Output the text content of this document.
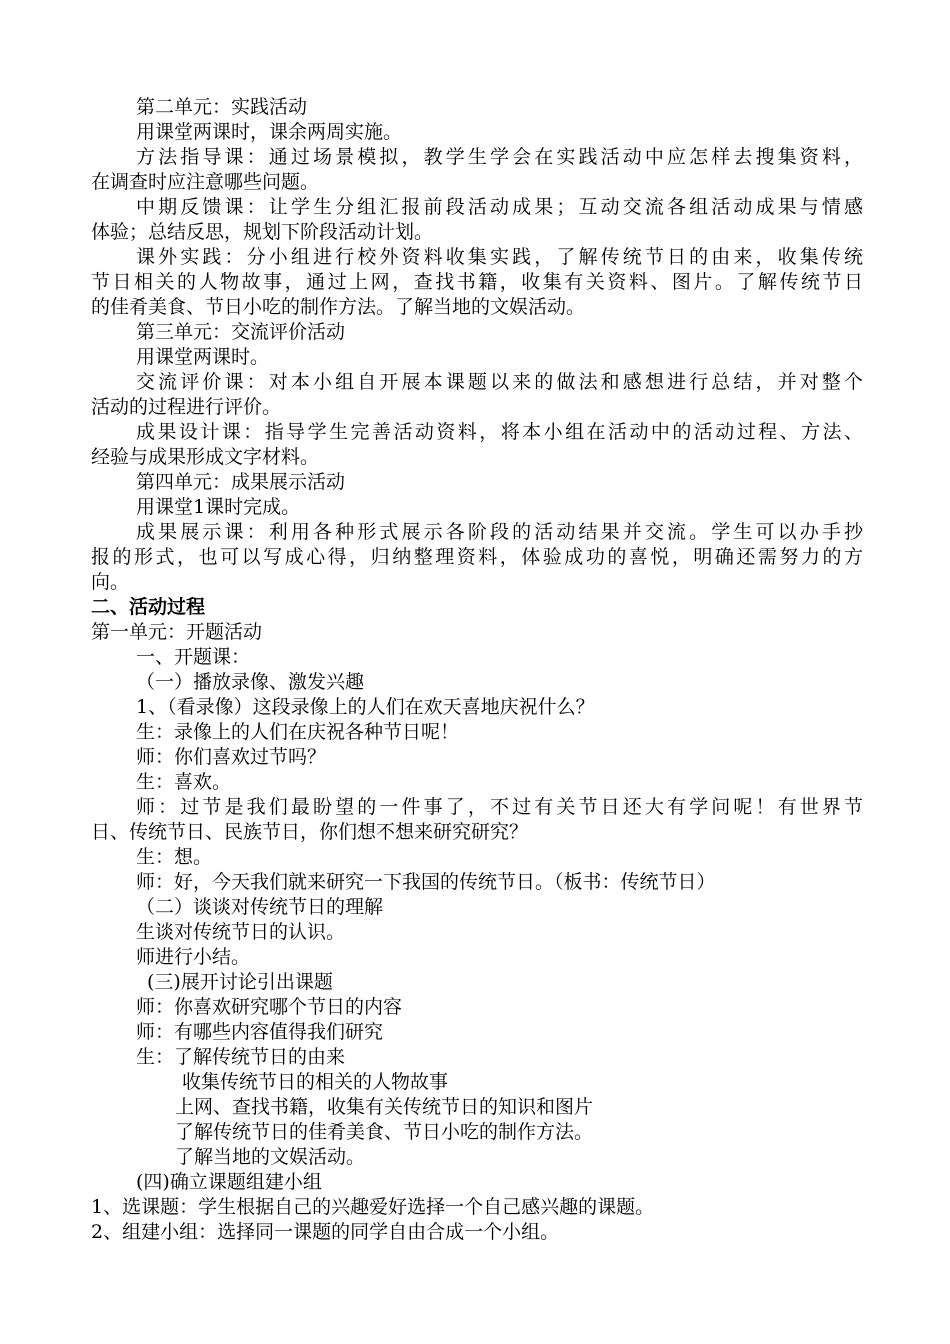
第二单元：实践活动
用课堂两课时，课余两周实施。
方法指导课：通过场景模拟，教学生学会在实践活动中应怎样去搜集资料，
在调查时应注意哪些问题。
中期反馈课：让学生分组汇报前段活动成果；互动交流各组活动成果与情感
体验；总结反思，规划下阶段活动计划。
课外实践：分小组进行校外资料收集实践，了解传统节日的由来，收集传统
节日相关的人物故事，通过上网，查找书籍，收集有关资料、图片。了解传统节日
的佳肴美食、节日小吃的制作方法。了解当地的文娱活动。
第三单元：交流评价活动
用课堂两课时。
交流评价课：对本小组自开展本课题以来的做法和感想进行总结，并对整个
活动的过程进行评价。
成果设计课：指导学生完善活动资料，将本小组在活动中的活动过程、方法、
经验与成果形成文字材料。
第四单元：成果展示活动
用课堂1课时完成。
成果展示课：利用各种形式展示各阶段的活动结果并交流。学生可以办手抄
报的形式，也可以写成心得，归纳整理资料，体验成功的喜悦，明确还需努力的方
向。
二、活动过程
第一单元：开题活动
一、开题课：
（一）播放录像、激发兴趣
1、（看录像）这段录像上的人们在欢天喜地庆祝什么？
生：录像上的人们在庆祝各种节日呢！
师：你们喜欢过节吗？
生：喜欢。
师：过节是我们最盼望的一件事了，不过有关节日还大有学问呢！有世界节
日、传统节日、民族节日，你们想不想来研究研究？
生：想。
师：好，今天我们就来研究一下我国的传统节日。（板书：传统节日）
（二）谈谈对传统节日的理解
生谈对传统节日的认识。
师进行小结。
(三)展开讨论引出课题
师：你喜欢研究哪个节日的内容
师：有哪些内容值得我们研究
生：了解传统节日的由来
收集传统节日的相关的人物故事
上网、查找书籍，收集有关传统节日的知识和图片
了解传统节日的佳肴美食、节日小吃的制作方法。
了解当地的文娱活动。
(四)确立课题组建小组
1、选课题：学生根据自己的兴趣爱好选择一个自己感兴趣的课题。
2、组建小组：选择同一课题的同学自由合成一个小组。
